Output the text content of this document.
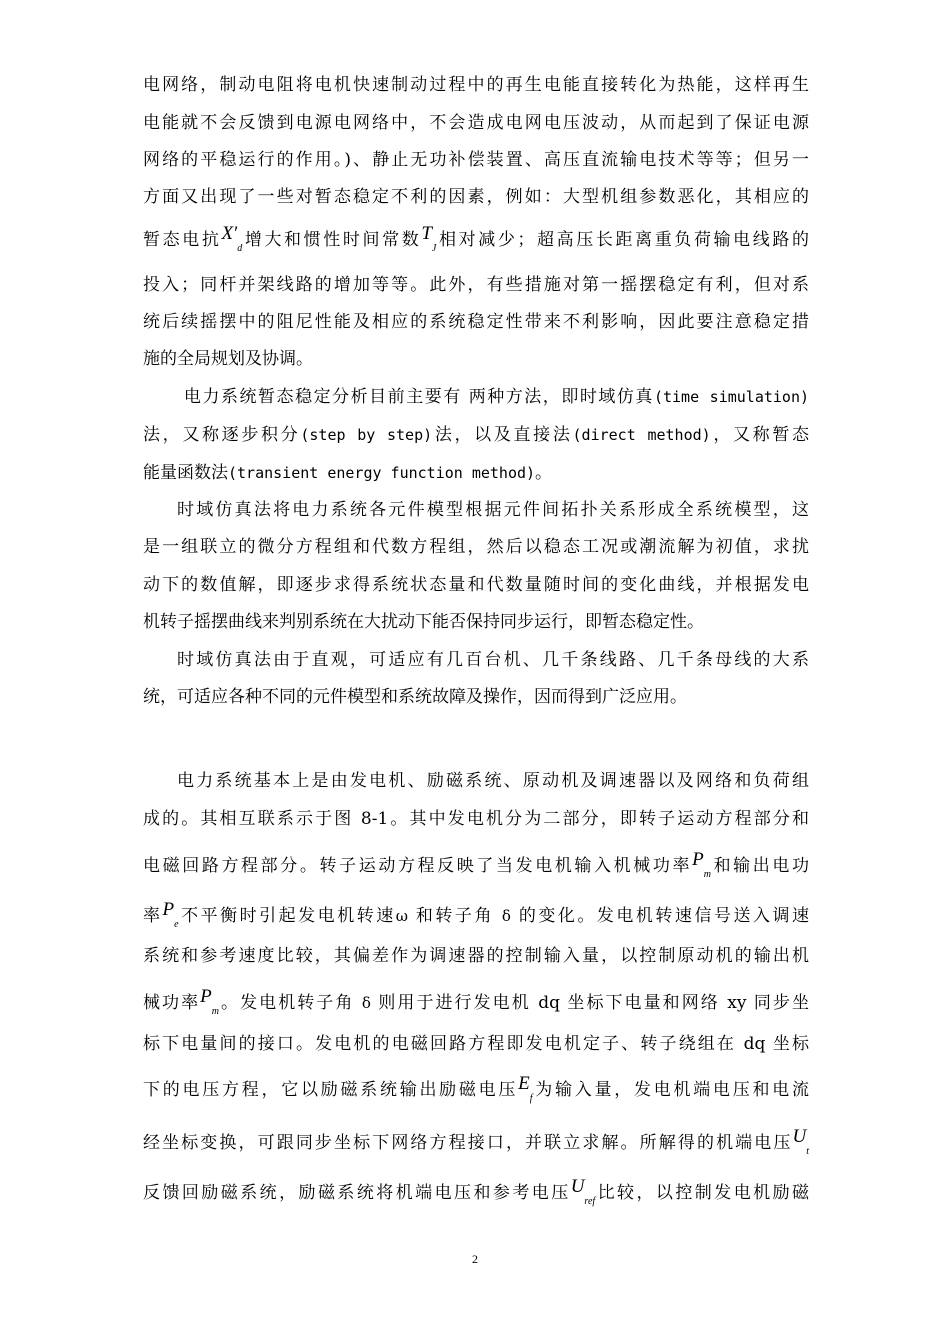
电网络，制动电阻将电机快速制动过程中的再生电能直接转化为热能，这样再生
电能就不会反馈到电源电网络中，不会造成电网电压波动，从而起到了保证电源
网络的平稳运行的作用。)、静止无功补偿装置、高压直流输电技术等等；但另一
方面又出现了一些对暂态稳定不利的因素，例如：大型机组参数恶化，其相应的
暂态电抗$X'_d$增大和惯性时间常数$T_J$相对减少；超高压长距离重负荷输电线路的
投入；同杆并架线路的增加等等。此外，有些措施对第一摇摆稳定有利，但对系
统后续摇摆中的阻尼性能及相应的系统稳定性带来不利影响，因此要注意稳定措
施的全局规划及协调。
电力系统暂态稳定分析目前主要有 两种方法，即时域仿真(time simulation)
法，又称逐步积分(step by step)法，以及直接法(direct method)，又称暂态
能量函数法(transient energy function method)。
时域仿真法将电力系统各元件模型根据元件间拓扑关系形成全系统模型，这
是一组联立的微分方程组和代数方程组，然后以稳态工况或潮流解为初值，求扰
动下的数值解，即逐步求得系统状态量和代数量随时间的变化曲线，并根据发电
机转子摇摆曲线来判别系统在大扰动下能否保持同步运行，即暂态稳定性。
时域仿真法由于直观，可适应有几百台机、几千条线路、几千条母线的大系
统，可适应各种不同的元件模型和系统故障及操作，因而得到广泛应用。
电力系统基本上是由发电机、励磁系统、原动机及调速器以及网络和负荷组
成的。其相互联系示于图 8-1。其中发电机分为二部分，即转子运动方程部分和
电磁回路方程部分。转子运动方程反映了当发电机输入机械功率$P_m$和输出电功
率$P_e$不平衡时引起发电机转速ω 和转子角 δ 的变化。发电机转速信号送入调速
系统和参考速度比较，其偏差作为调速器的控制输入量，以控制原动机的输出机
械功率$P_m$。发电机转子角 δ 则用于进行发电机 dq 坐标下电量和网络 xy 同步坐
标下电量间的接口。发电机的电磁回路方程即发电机定子、转子绕组在 dq 坐标
下的电压方程，它以励磁系统输出励磁电压$E_f$为输入量，发电机端电压和电流
经坐标变换，可跟同步坐标下网络方程接口，并联立求解。所解得的机端电压$U_t$
反馈回励磁系统，励磁系统将机端电压和参考电压$U_{ref}$比较，以控制发电机励磁
2
